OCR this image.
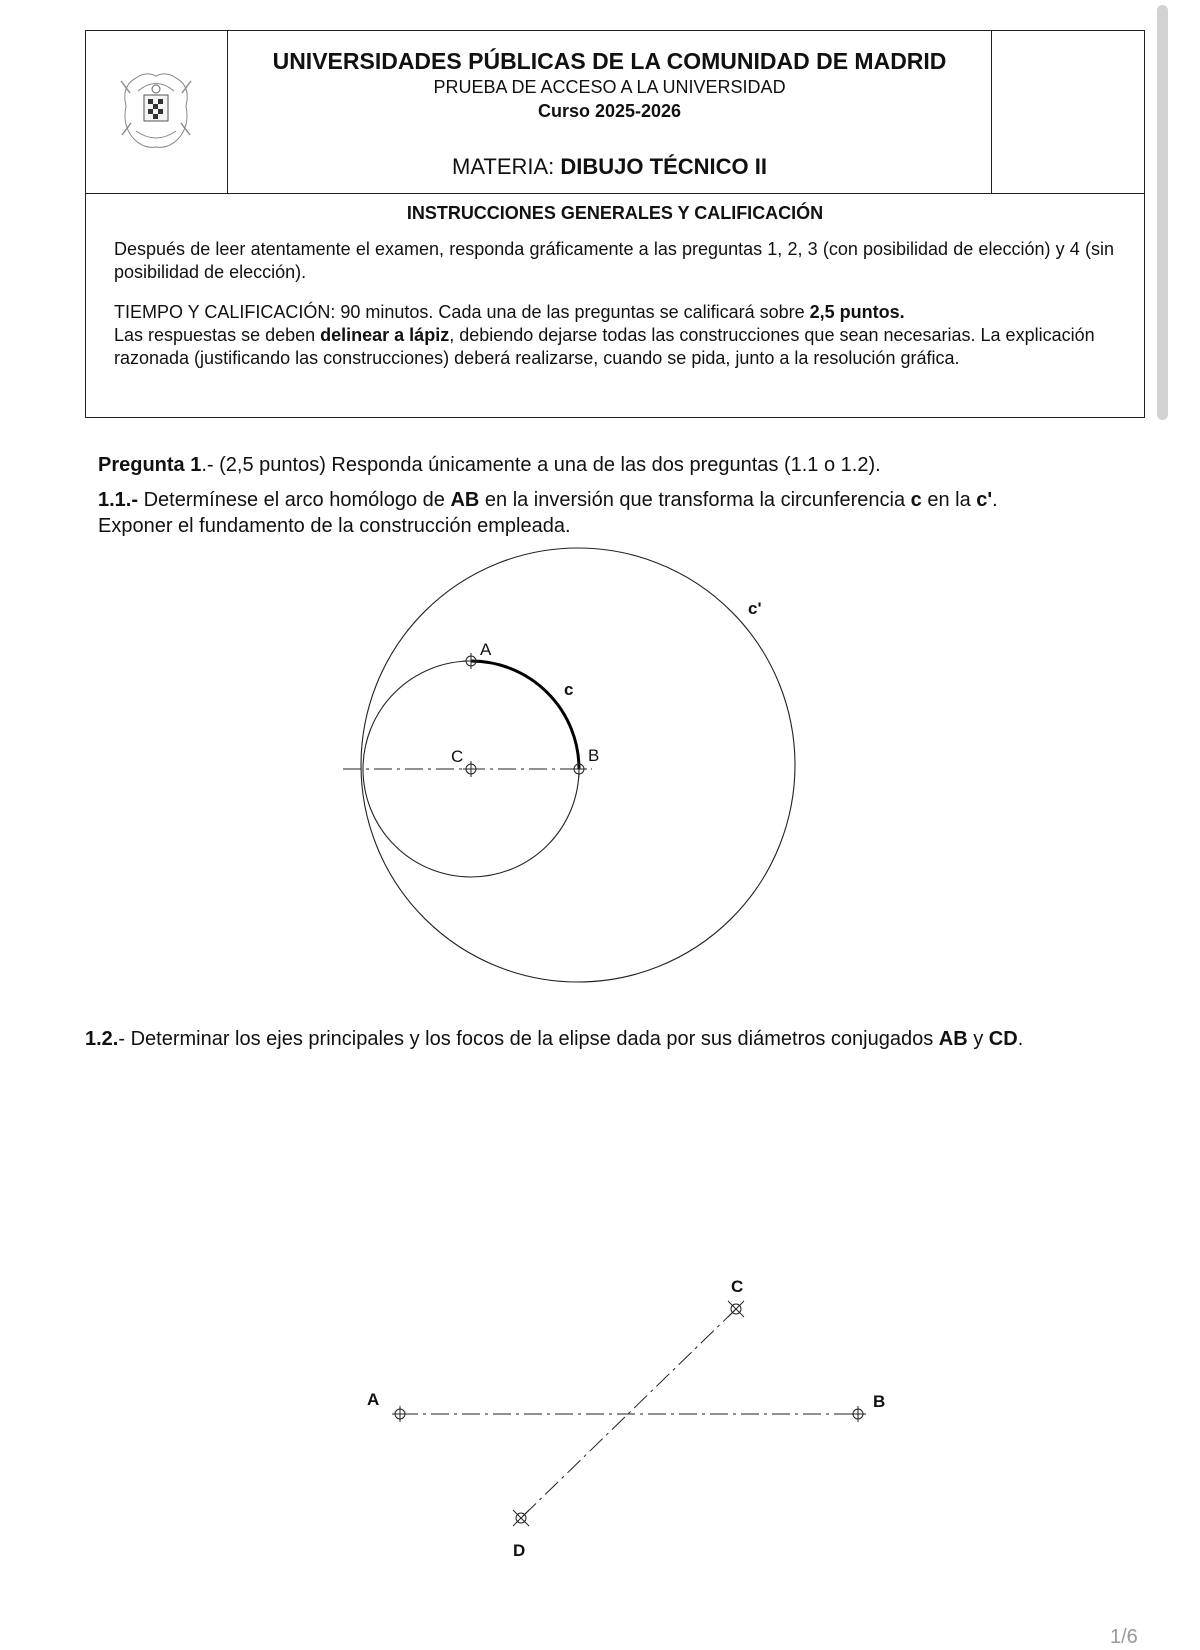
UNIVERSIDADES PÚBLICAS DE LA COMUNIDAD DE MADRID
PRUEBA DE ACCESO A LA UNIVERSIDAD
Curso 2025-2026
MATERIA: DIBUJO TÉCNICO II
INSTRUCCIONES GENERALES Y CALIFICACIÓN
Después de leer atentamente el examen, responda gráficamente a las preguntas 1, 2, 3 (con posibilidad de elección) y 4 (sin posibilidad de elección).
TIEMPO Y CALIFICACIÓN: 90 minutos. Cada una de las preguntas se calificará sobre 2,5 puntos.
Las respuestas se deben delinear a lápiz, debiendo dejarse todas las construcciones que sean necesarias. La explicación razonada (justificando las construcciones) deberá realizarse, cuando se pida, junto a la resolución gráfica.
Pregunta 1.- (2,5 puntos) Responda únicamente a una de las dos preguntas (1.1 o 1.2).
1.1.- Determínese el arco homólogo de AB en la inversión que transforma la circunferencia c en la c'.
Exponer el fundamento de la construcción empleada.
A
C	B
c
c'
1.2.- Determinar los ejes principales y los focos de la elipse dada por sus diámetros conjugados AB y CD.
A	B
C
D
1/6
